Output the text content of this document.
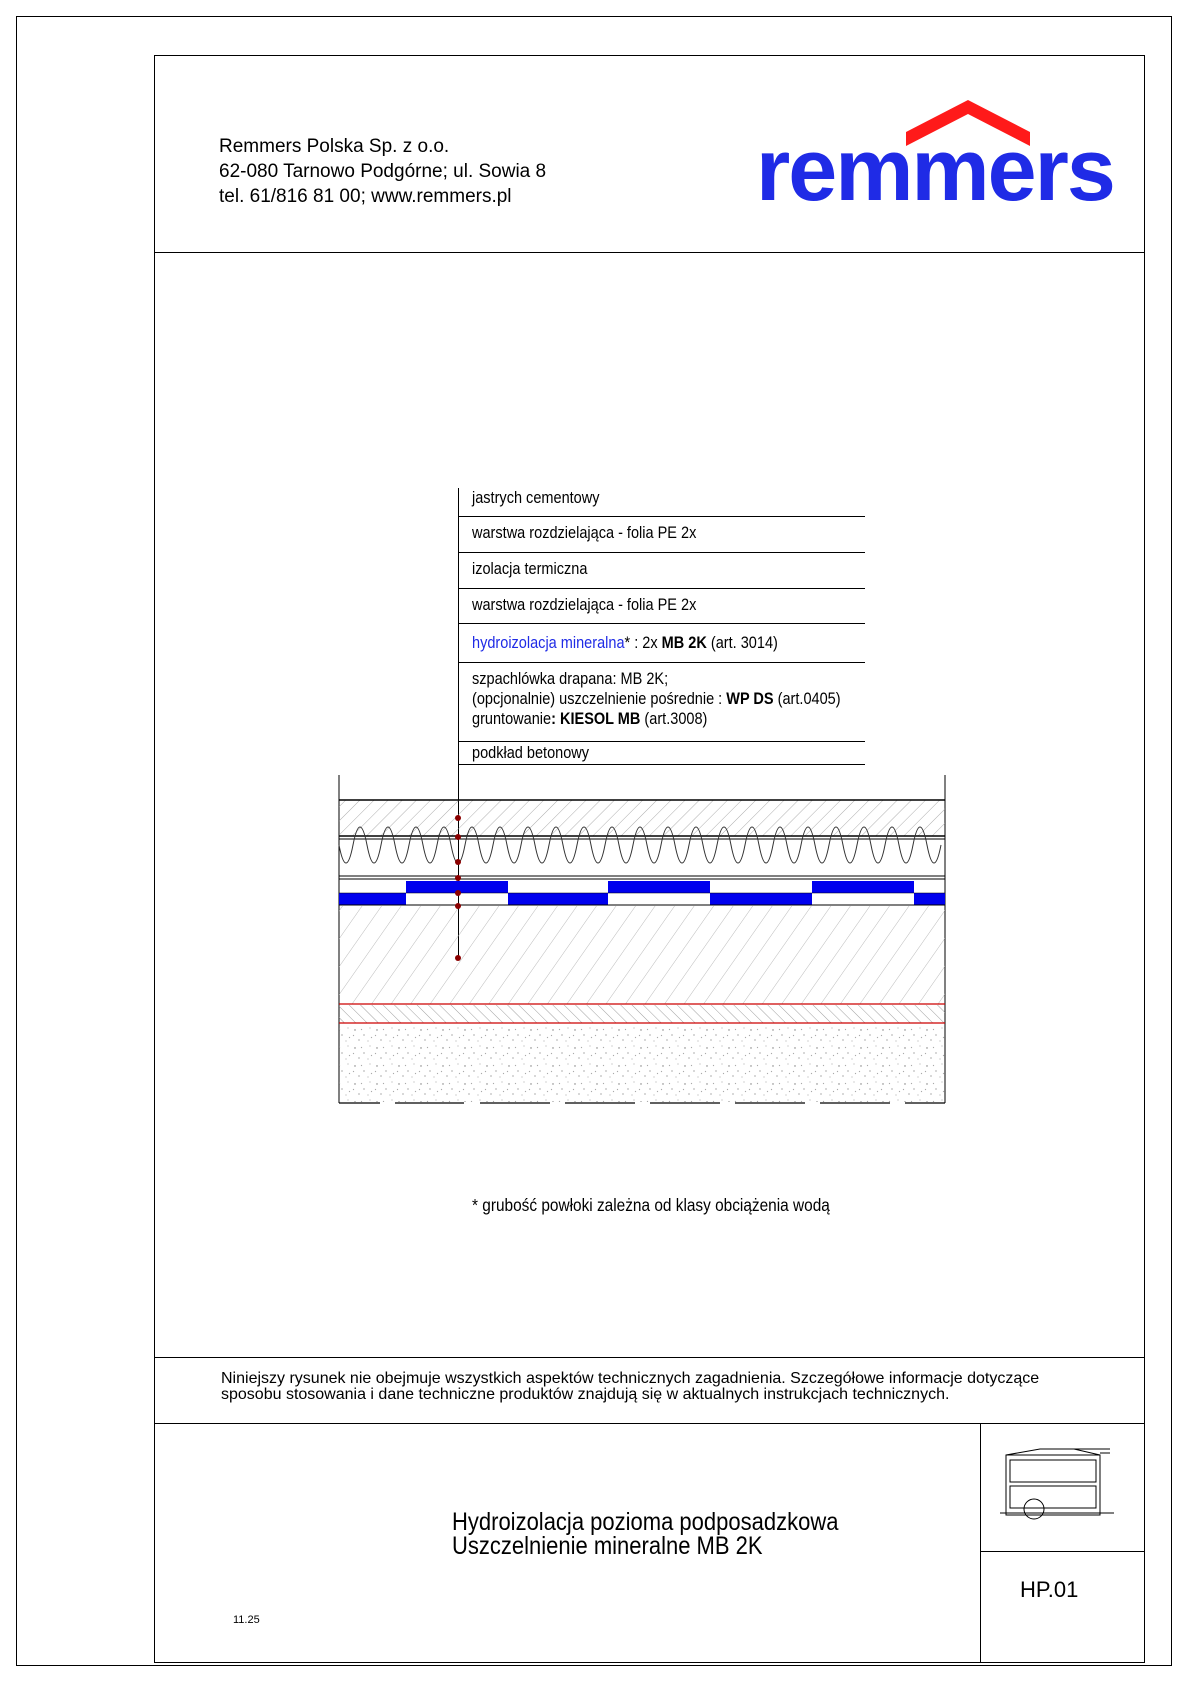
Remmers Polska Sp. z o.o.
62-080 Tarnowo Podgórne; ul. Sowia 8
tel. 61/816 81 00; www.remmers.pl	remmers
jastrych cementowy
warstwa rozdzielająca - folia PE 2x
izolacja termiczna
warstwa rozdzielająca - folia PE 2x
hydroizolacja mineralna* : 2x MB 2K (art. 3014)
szpachlówka drapana: MB 2K;
(opcjonalnie) uszczelnienie pośrednie : WP DS (art.0405)
gruntowanie: KIESOL MB (art.3008)
podkład betonowy
* grubość powłoki zależna od klasy obciążenia wodą
Niniejszy rysunek nie obejmuje wszystkich aspektów technicznych zagadnienia. Szczegółowe informacje dotyczące
sposobu stosowania i dane techniczne produktów znajdują się w aktualnych instrukcjach technicznych.
Hydroizolacja pozioma podposadzkowa
Uszczelnienie mineralne MB 2K
HP.01
11.25
